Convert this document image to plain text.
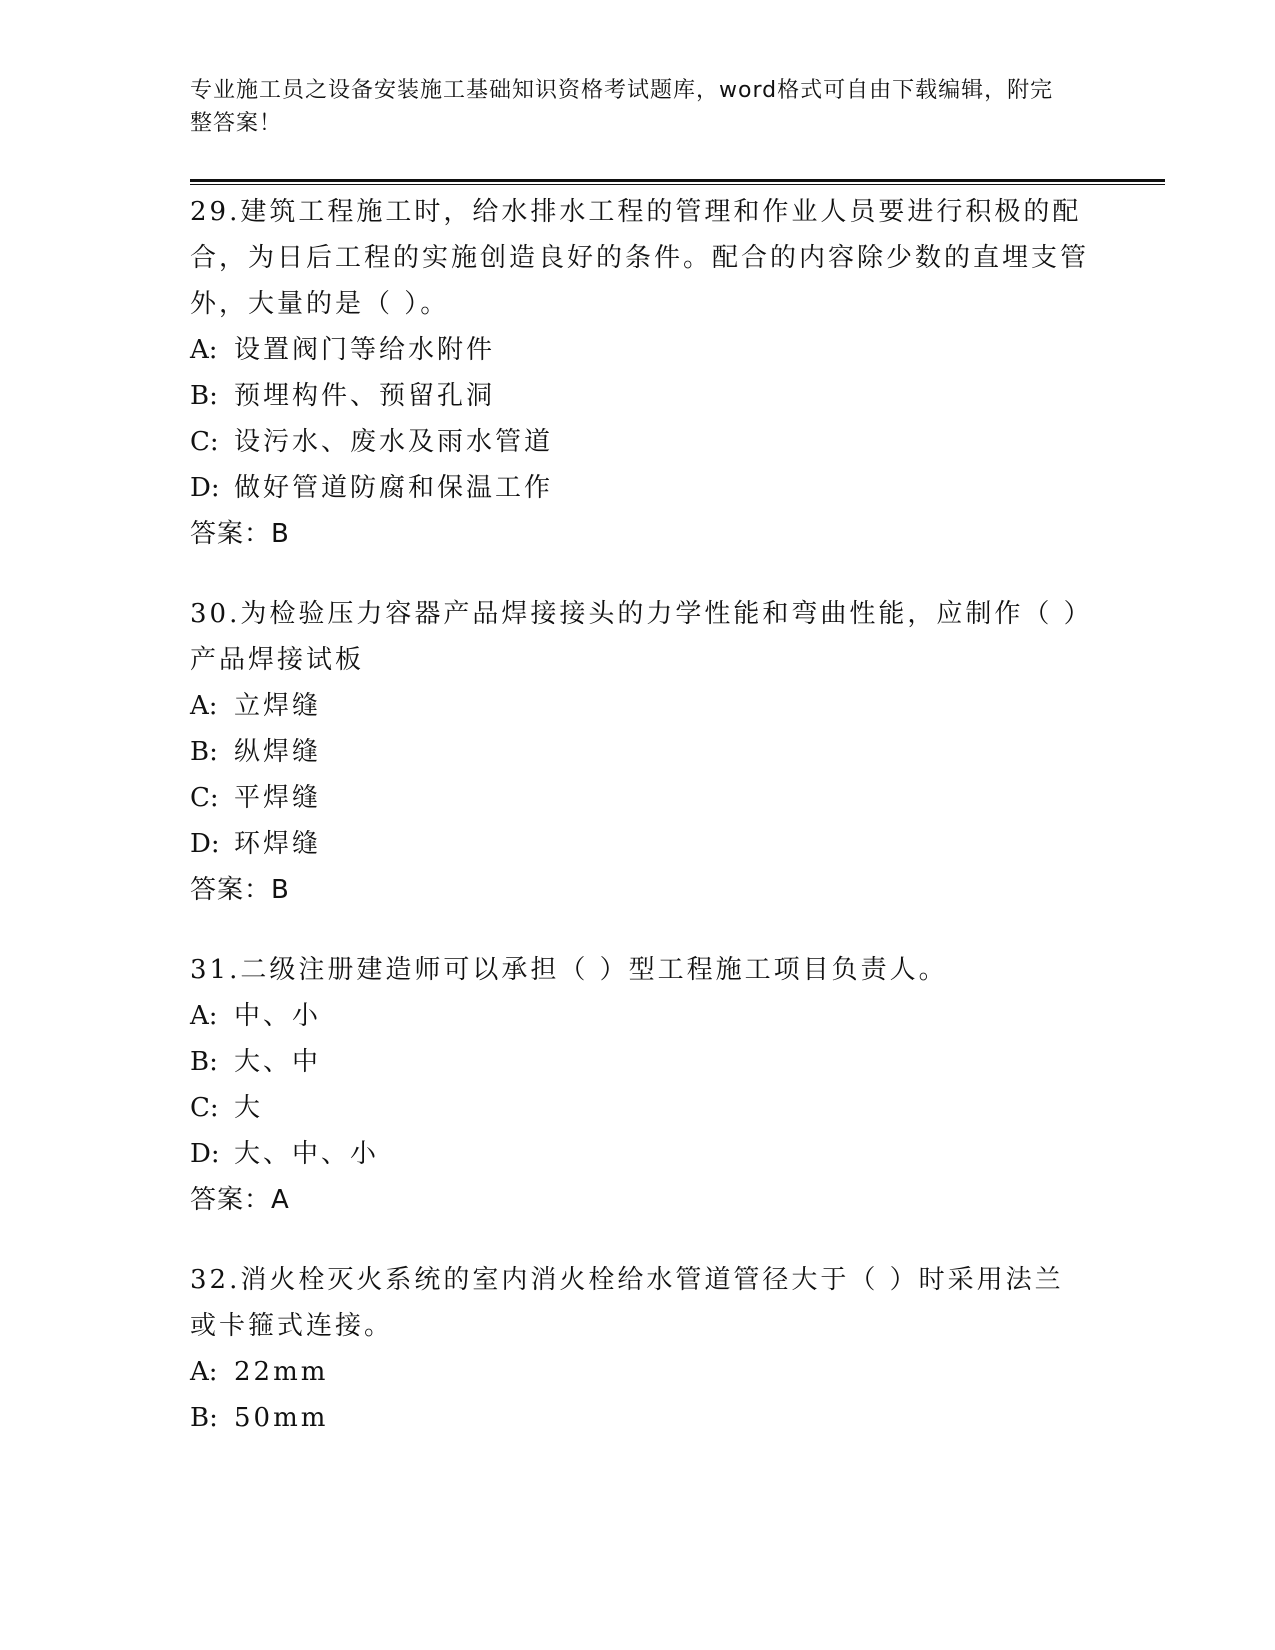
专业施工员之设备安装施工基础知识资格考试题库，word格式可自由下载编辑，附完整答案！

29.建筑工程施工时，给水排水工程的管理和作业人员要进行积极的配合，为日后工程的实施创造良好的条件。配合的内容除少数的直埋支管外，大量的是（ ）。

A: 设置阀门等给水附件

B: 预埋构件、预留孔洞

C: 设污水、废水及雨水管道

D: 做好管道防腐和保温工作

答案：B

30.为检验压力容器产品焊接接头的力学性能和弯曲性能，应制作（ ）产品焊接试板

A: 立焊缝

B: 纵焊缝

C: 平焊缝

D: 环焊缝

答案：B

31.二级注册建造师可以承担（ ）型工程施工项目负责人。

A: 中、小

B: 大、中

C: 大

D: 大、中、小

答案：A

32.消火栓灭火系统的室内消火栓给水管道管径大于（ ）时采用法兰或卡箍式连接。

A: 22mm

B: 50mm
